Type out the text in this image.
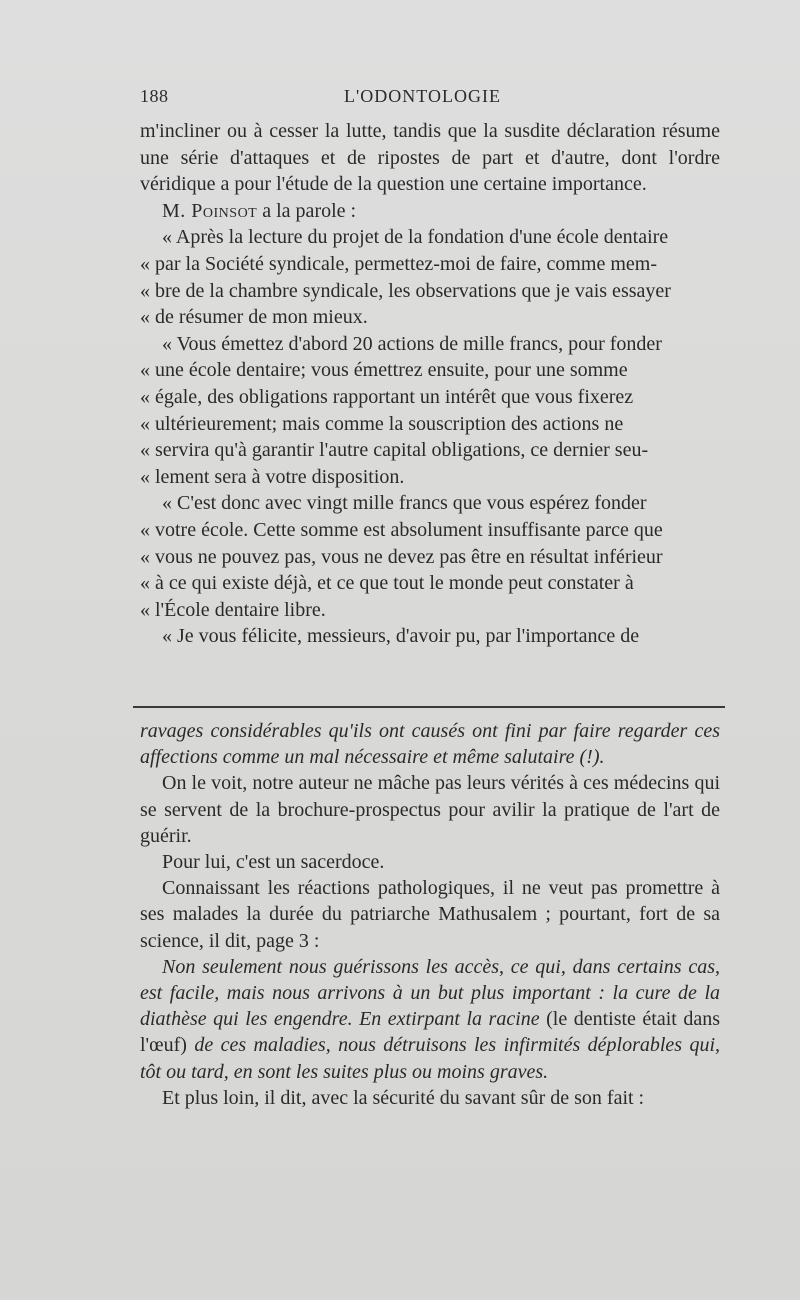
188	L'ODONTOLOGIE

m'incliner ou à cesser la lutte, tandis que la susdite déclaration résume une série d'attaques et de ripostes de part et d'autre, dont l'ordre véridique a pour l'étude de la question une certaine importance.

M. Poinsot a la parole :

« Après la lecture du projet de la fondation d'une école dentaire

« par la Société syndicale, permettez-moi de faire, comme mem-

« bre de la chambre syndicale, les observations que je vais essayer

« de résumer de mon mieux.

« Vous émettez d'abord 20 actions de mille francs, pour fonder

« une école dentaire; vous émettrez ensuite, pour une somme

« égale, des obligations rapportant un intérêt que vous fixerez

« ultérieurement; mais comme la souscription des actions ne

« servira qu'à garantir l'autre capital obligations, ce dernier seu-

« lement sera à votre disposition.

« C'est donc avec vingt mille francs que vous espérez fonder

« votre école. Cette somme est absolument insuffisante parce que

« vous ne pouvez pas, vous ne devez pas être en résultat inférieur

« à ce qui existe déjà, et ce que tout le monde peut constater à

« l'École dentaire libre.

« Je vous félicite, messieurs, d'avoir pu, par l'importance de

ravages considérables qu'ils ont causés ont fini par faire regarder ces affections comme un mal nécessaire et même salutaire (!).

On le voit, notre auteur ne mâche pas leurs vérités à ces médecins qui se servent de la brochure-prospectus pour avilir la pratique de l'art de guérir.

Pour lui, c'est un sacerdoce.

Connaissant les réactions pathologiques, il ne veut pas promettre à ses malades la durée du patriarche Mathusalem ; pourtant, fort de sa science, il dit, page 3 :

Non seulement nous guérissons les accès, ce qui, dans certains cas, est facile, mais nous arrivons à un but plus important : la cure de la diathèse qui les engendre. En extirpant la racine (le dentiste était dans l'œuf) de ces maladies, nous détruisons les infirmités déplorables qui, tôt ou tard, en sont les suites plus ou moins graves.

Et plus loin, il dit, avec la sécurité du savant sûr de son fait :
